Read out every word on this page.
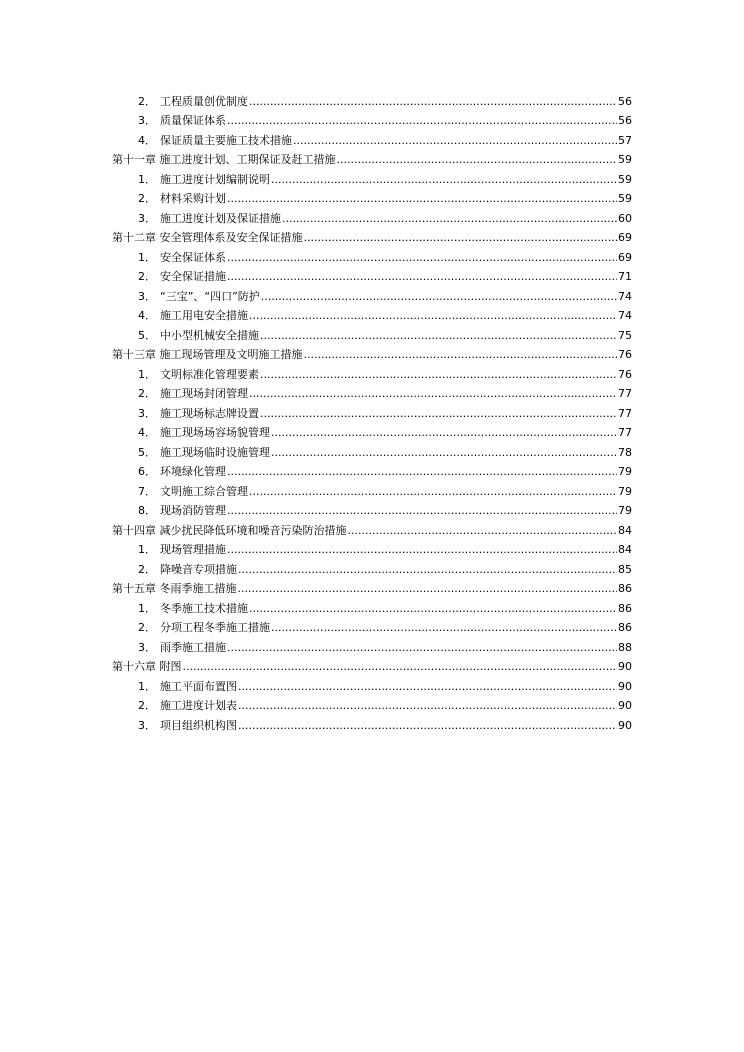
2． 工程质量创优制度 .....	56
3． 质量保证体系 .....	56
4． 保证质量主要施工技术措施 .....	57
第十一章 施工进度计划、工期保证及赶工措施 .....	59
1． 施工进度计划编制说明 .....	59
2． 材料采购计划 .....	59
3． 施工进度计划及保证措施 .....	60
第十二章 安全管理体系及安全保证措施 .....	69
1． 安全保证体系 .....	69
2． 安全保证措施 .....	71
3． “三宝”、“四口”防护 .....	74
4． 施工用电安全措施 .....	74
5． 中小型机械安全措施 .....	75
第十三章 施工现场管理及文明施工措施 .....	76
1． 文明标准化管理要素 .....	76
2． 施工现场封闭管理 .....	77
3． 施工现场标志牌设置 .....	77
4． 施工现场场容场貌管理 .....	77
5． 施工现场临时设施管理 .....	78
6． 环境绿化管理 .....	79
7． 文明施工综合管理 .....	79
8． 现场消防管理 .....	79
第十四章 减少扰民降低环境和噪音污染防治措施 .....	84
1． 现场管理措施 .....	84
2． 降噪音专项措施 .....	85
第十五章 冬雨季施工措施 .....	86
1． 冬季施工技术措施 .....	86
2． 分项工程冬季施工措施 .....	86
3． 雨季施工措施 .....	88
第十六章 附图 .....	90
1． 施工平面布置图 .....	90
2． 施工进度计划表 .....	90
3． 项目组织机构图 .....	90
